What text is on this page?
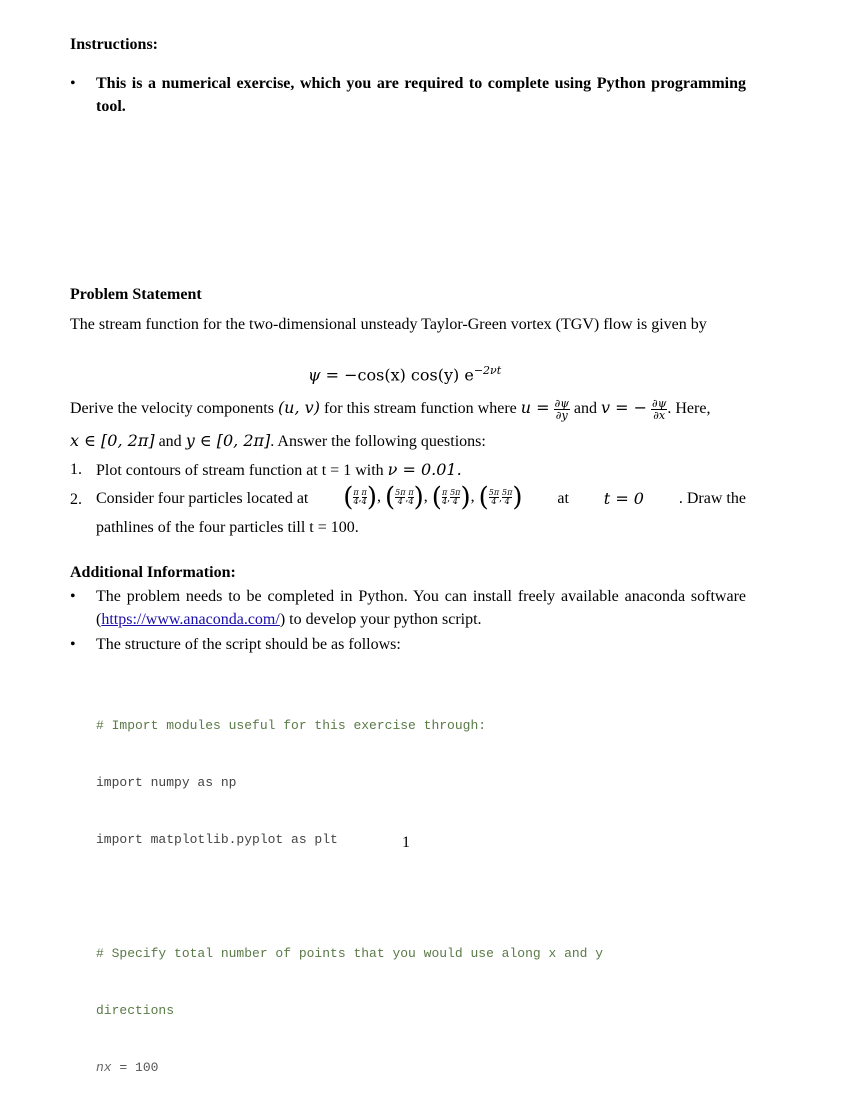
Instructions:
• This is a numerical exercise, which you are required to complete using Python programming tool.
Problem Statement
The stream function for the two-dimensional unsteady Taylor-Green vortex (TGV) flow is given by
ψ = −cos(x) cos(y) $e^{-2\nu t}$
Derive the velocity components (u, v) for this stream function where $u = \frac{\partial\psi}{\partial y}$ and v = − $\frac{\partial\psi}{\partial x}$ . Here,
x ∈ [0, 2π] and y ∈ [0, 2π]. Answer the following questions:
1. Plot contours of stream function at t = 1 with ν = 0.01.
2. Consider four particles located at ( $\frac{\pi}{4}$ , $\frac{\pi}{4}$ ), ( $\frac{5\pi}{4}$ , $\frac{\pi}{4}$ ), ( $\frac{\pi}{4}$ , $\frac{5\pi}{4}$ ), ( $\frac{5\pi}{4}$ , $\frac{5\pi}{4}$ ) at t = 0 . Draw the
pathlines of the four particles till t = 100.
Additional Information:
• The problem needs to be completed in Python. You can install freely available anaconda software (https://www.anaconda.com/) to develop your python script.
• The structure of the script should be as follows:

# Import modules useful for this exercise through:

import numpy as np

import matplotlib.pyplot as plt

# Specify total number of points that you would use along x and y

directions

nx = 100

1
